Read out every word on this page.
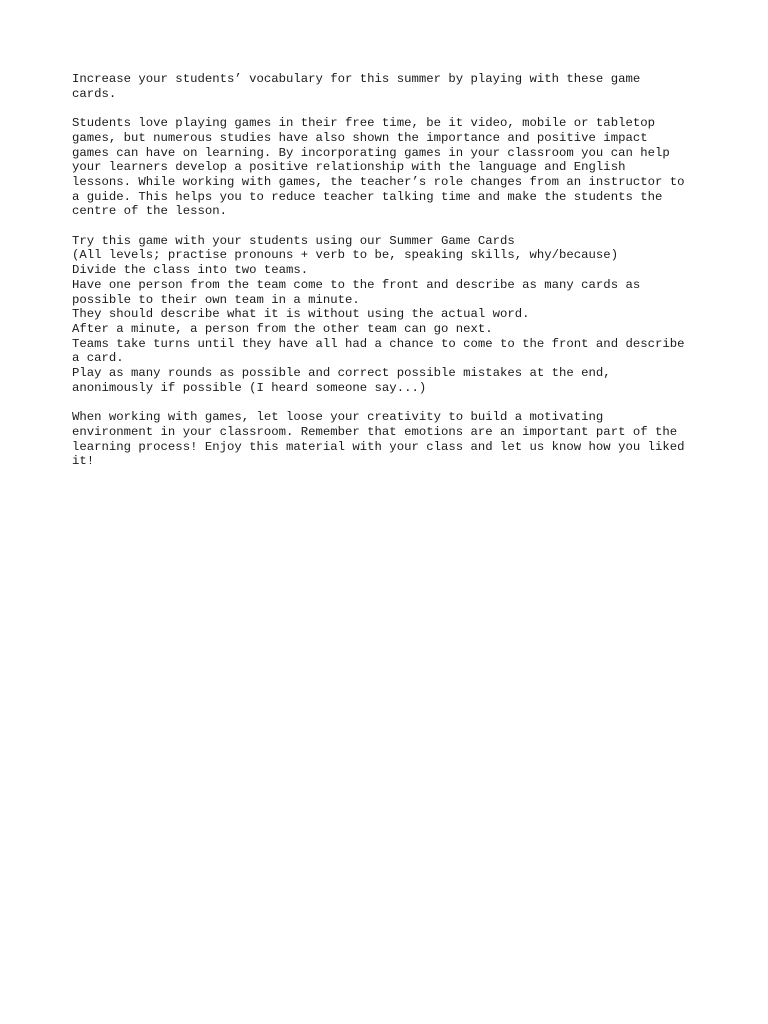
Increase your students’ vocabulary for this summer by playing with these game
cards.

Students love playing games in their free time, be it video, mobile or tabletop
games, but numerous studies have also shown the importance and positive impact
games can have on learning. By incorporating games in your classroom you can help
your learners develop a positive relationship with the language and English
lessons. While working with games, the teacher’s role changes from an instructor to
a guide. This helps you to reduce teacher talking time and make the students the
centre of the lesson.

Try this game with your students using our Summer Game Cards
(All levels; practise pronouns + verb to be, speaking skills, why/because)
Divide the class into two teams.
Have one person from the team come to the front and describe as many cards as
possible to their own team in a minute.
They should describe what it is without using the actual word.
After a minute, a person from the other team can go next.
Teams take turns until they have all had a chance to come to the front and describe
a card.
Play as many rounds as possible and correct possible mistakes at the end,
anonimously if possible (I heard someone say...)

When working with games, let loose your creativity to build a motivating
environment in your classroom. Remember that emotions are an important part of the
learning process! Enjoy this material with your class and let us know how you liked
it!
